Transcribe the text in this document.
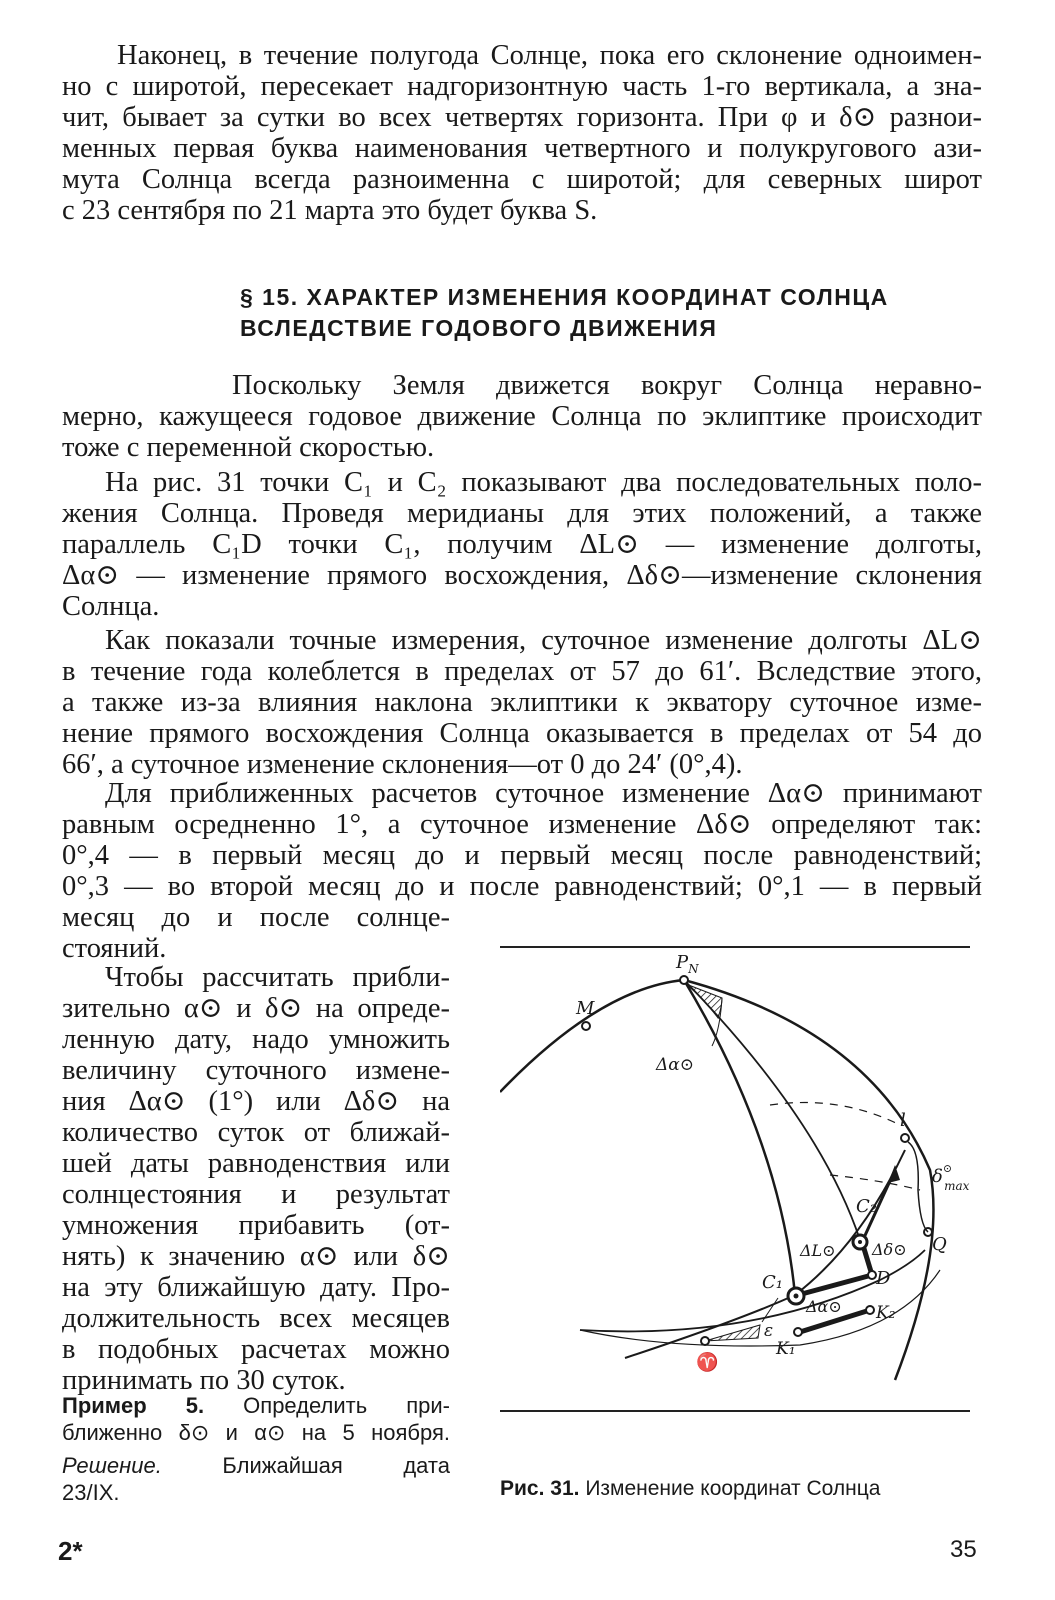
Наконец, в течение полугода Солнце, пока его склонение одноимен-
но с широтой, пересекает надгоризонтную часть 1-го вертикала, а зна-
чит, бывает за сутки во всех четвертях горизонта. При φ и δ⊙ разнои-
менных первая буква наименования четвертного и полукругового ази-
мута Солнца всегда разноименна с широтой; для северных широт
с 23 сентября по 21 марта это будет буква S.
§ 15. ХАРАКТЕР ИЗМЕНЕНИЯ КООРДИНАТ СОЛНЦА
ВСЛЕДСТВИЕ ГОДОВОГО ДВИЖЕНИЯ
Поскольку Земля движется вокруг Солнца неравно-
мерно, кажущееся годовое движение Солнца по эклиптике происходит
тоже с переменной скоростью.
На рис. 31 точки C₁ и C₂ показывают два последовательных поло-
жения Солнца. Проведя меридианы для этих положений, а также
параллель C₁D точки C₁, получим ΔL⊙ — изменение долготы,
Δα⊙ — изменение прямого восхождения, Δδ⊙—изменение склонения
Солнца.
Как показали точные измерения, суточное изменение долготы ΔL⊙
в течение года колеблется в пределах от 57 до 61′. Вследствие этого,
а также из-за влияния наклона эклиптики к экватору суточное изме-
нение прямого восхождения Солнца оказывается в пределах от 54 до
66′, а суточное изменение склонения—от 0 до 24′ (0°,4).
Для приближенных расчетов суточное изменение Δα⊙ принимают
равным осредненно 1°, а суточное изменение Δδ⊙ определяют так:
0°,4 — в первый месяц до и первый месяц после равноденствий;
0°,3 — во второй месяц до и после равноденствий; 0°,1 — в первый
месяц до и после солнце-
стояний.
Чтобы рассчитать прибли-
зительно α⊙ и δ⊙ на опреде-
ленную дату, надо умножить
величину суточного изменe-
ния Δα⊙ (1°) или Δδ⊙ на
количество суток от ближай-
шей даты равноденствия или
солнцестояния и результат
умножения прибавить (от-
нять) к значению α⊙ или δ⊙
на эту ближайшую дату. Про-
должительность всех месяцев
в подобных расчетах можно
принимать по 30 суток.
Пример 5. Определить при-
ближенно δ⊙ и α⊙ на 5 ноября.
Решение.	Ближайшая дата
23/IX.
M
$P_N$
Δα⊙
l
δ⊙ max
C₂
ΔL⊙ Δδ⊙ Q
C₁	D
Δα⊙ K₂
ε
K₁
♈
Рис. 31. Изменение координат Солнца
2*	35
